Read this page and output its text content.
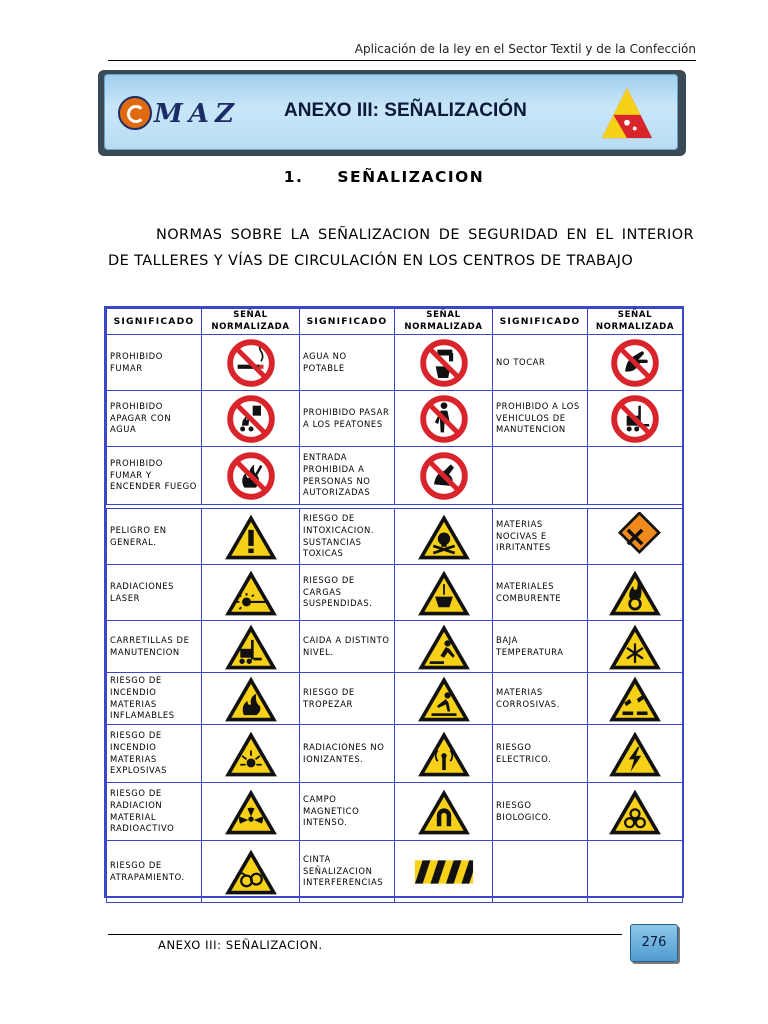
Aplicación de la ley en el Sector Textil y de la Confección
MAZ ANEXO III: SEÑALIZACIÓN
1. SEÑALIZACION
NORMAS SOBRE LA SEÑALIZACION DE SEGURIDAD EN EL INTERIOR DE TALLERES Y VÍAS DE CIRCULACIÓN EN LOS CENTROS DE TRABAJO
SIGNIFICADO	SEÑAL NORMALIZADA	SIGNIFICADO	SEÑAL NORMALIZADA	SIGNIFICADO	SEÑAL NORMALIZADA
PROHIBIDO FUMAR		AGUA NO POTABLE		NO TOCAR	

PROHIBIDO APAGAR CON AGUA		PROHIBIDO PASAR A LOS PEATONES		PROHIBIDO A LOS VEHICULOS DE MANUTENCION	

PROHIBIDO FUMAR Y ENCENDER FUEGO		ENTRADA PROHIBIDA A PERSONAS NO AUTORIZADAS	

PELIGRO EN GENERAL.		RIESGO DE INTOXICACION. SUSTANCIAS TOXICAS		MATERIAS NOCIVAS E IRRITANTES	

RADIACIONES LASER		RIESGO DE CARGAS SUSPENDIDAS.		MATERIALES COMBURENTE	

CARRETILLAS DE MANUTENCION		CAIDA A DISTINTO NIVEL.		BAJA TEMPERATURA	

RIESGO DE INCENDIO MATERIAS INFLAMABLES		RIESGO DE TROPEZAR		MATERIAS CORROSIVAS.	

RIESGO DE INCENDIO MATERIAS EXPLOSIVAS		RADIACIONES NO IONIZANTES.		RIESGO ELECTRICO.	

RIESGO DE RADIACION MATERIAL RADIOACTIVO		CAMPO MAGNETICO INTENSO.		RIESGO BIOLOGICO.	

RIESGO DE ATRAPAMIENTO.		CINTA SEÑALIZACION INTERFERENCIAS	

ANEXO III: SEÑALIZACION.	276
